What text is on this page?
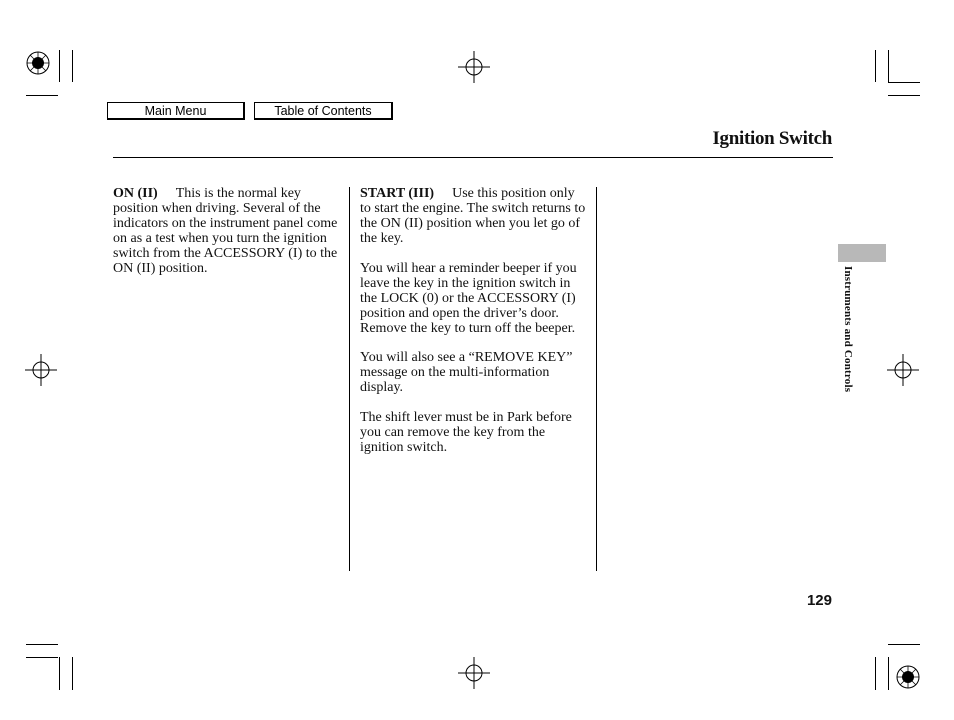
Main Menu	Table of Contents
Ignition Switch

ON (II) This is the normal key position when driving. Several of the indicators on the instrument panel come on as a test when you turn the ignition switch from the ACCESSORY (I) to the ON (II) position.

START (III) Use this position only to start the engine. The switch returns to the ON (II) position when you let go of the key.

You will hear a reminder beeper if you leave the key in the ignition switch in the LOCK (0) or the ACCESSORY (I) position and open the driver’s door. Remove the key to turn off the beeper.

You will also see a “REMOVE KEY” message on the multi-information display.

The shift lever must be in Park before you can remove the key from the ignition switch.

Instruments and Controls
129
